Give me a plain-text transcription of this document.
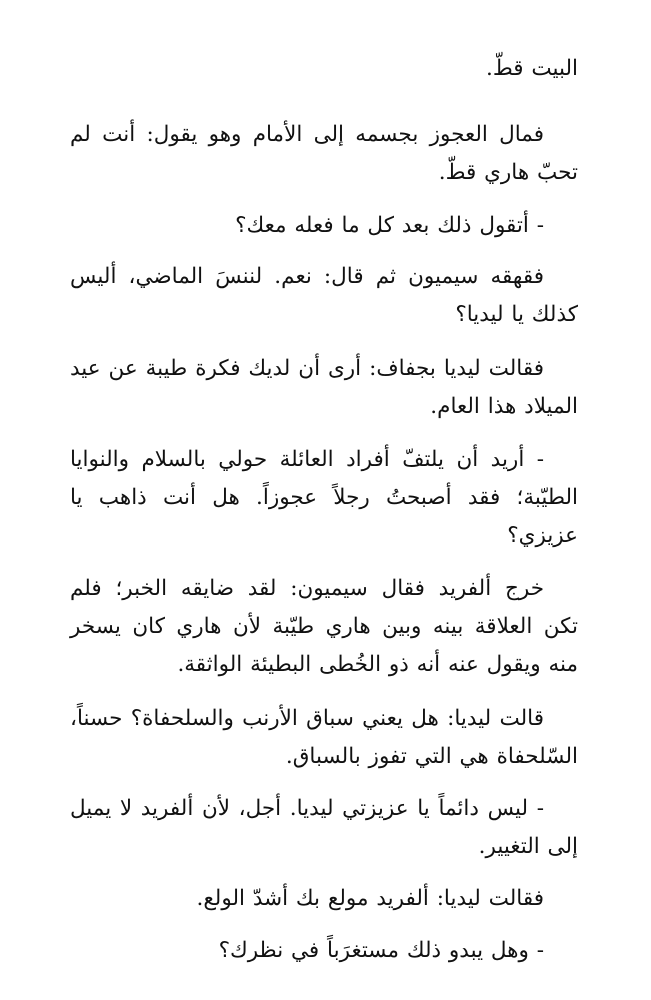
البيت قطّ.

فمال العجوز بجسمه إلى الأمام وهو يقول: أنت لم تحبّ هاري قطّ.

- أتقول ذلك بعد كل ما فعله معك؟

فقهقه سيميون ثم قال: نعم. لننسَ الماضي، أليس كذلك يا ليديا؟

فقالت ليديا بجفاف: أرى أن لديك فكرة طيبة عن عيد الميلاد هذا العام.

- أريد أن يلتفّ أفراد العائلة حولي بالسلام والنوايا الطيّبة؛ فقد أصبحتُ رجلاً عجوزاً. هل أنت ذاهب يا عزيزي؟

خرج ألفريد فقال سيميون: لقد ضايقه الخبر؛ فلم تكن العلاقة بينه وبين هاري طيّبة لأن هاري كان يسخر منه ويقول عنه أنه ذو الخُطى البطيئة الواثقة.

قالت ليديا: هل يعني سباق الأرنب والسلحفاة؟ حسناً، السّلحفاة هي التي تفوز بالسباق.

- ليس دائماً يا عزيزتي ليديا. أجل، لأن ألفريد لا يميل إلى التغيير.

فقالت ليديا: ألفريد مولع بك أشدّ الولع.

- وهل يبدو ذلك مستغرَباً في نظرك؟
